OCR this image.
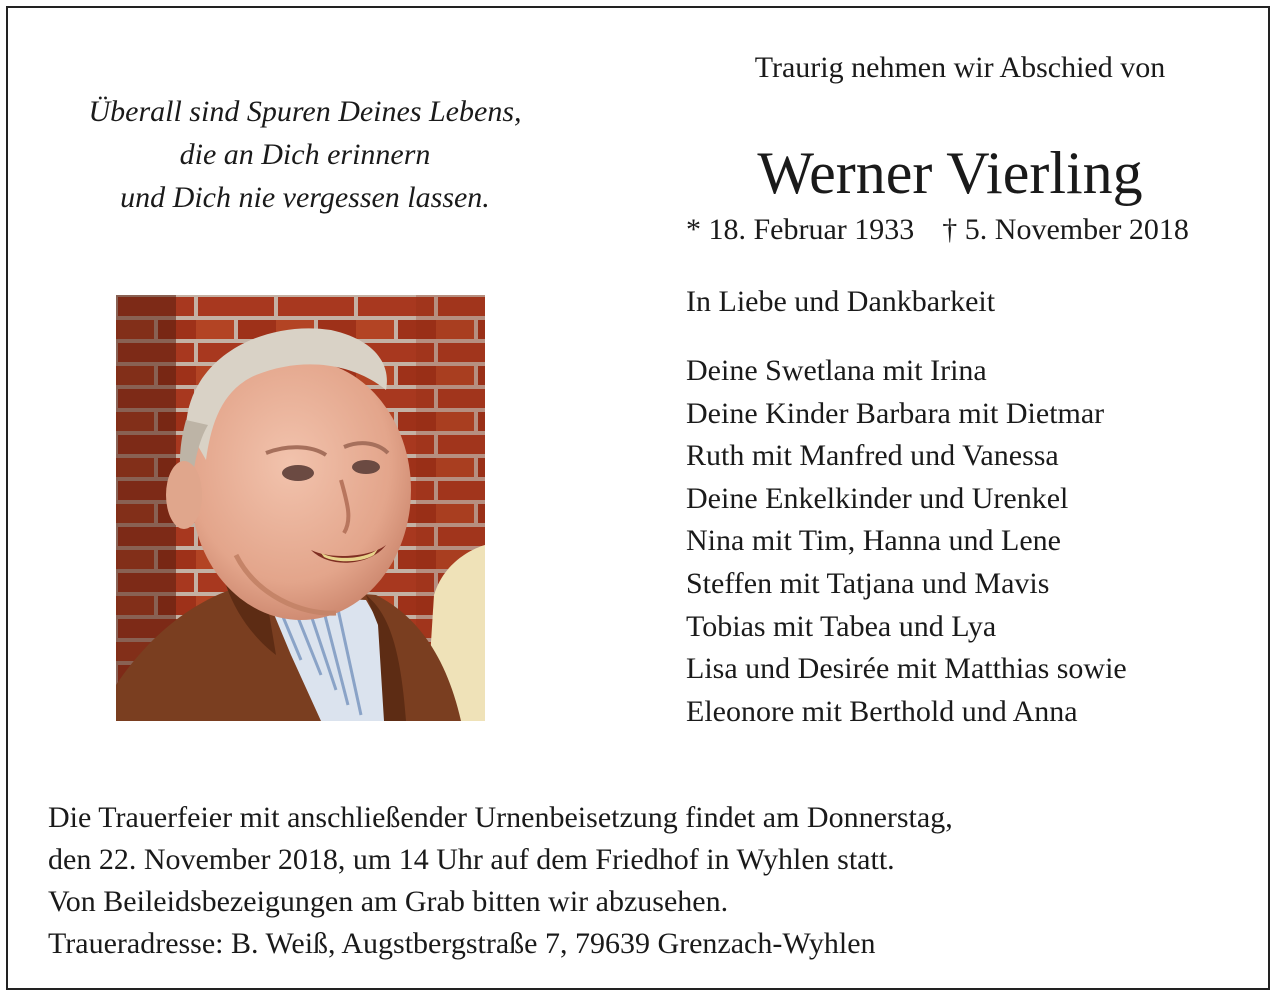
Überall sind Spuren Deines Lebens,
die an Dich erinnern
und Dich nie vergessen lassen.
Traurig nehmen wir Abschied von
Werner Vierling
* 18. Februar 1933 † 5. November 2018
In Liebe und Dankbarkeit
Deine Swetlana mit Irina
Deine Kinder Barbara mit Dietmar
Ruth mit Manfred und Vanessa
Deine Enkelkinder und Urenkel
Nina mit Tim, Hanna und Lene
Steffen mit Tatjana und Mavis
Tobias mit Tabea und Lya
Lisa und Desirée mit Matthias sowie
Eleonore mit Berthold und Anna
Die Trauerfeier mit anschließender Urnenbeisetzung findet am Donnerstag,
den 22. November 2018, um 14 Uhr auf dem Friedhof in Wyhlen statt.
Von Beileidsbezeigungen am Grab bitten wir abzusehen.
Traueradresse: B. Weiß, Augstbergstraße 7, 79639 Grenzach-Wyhlen
